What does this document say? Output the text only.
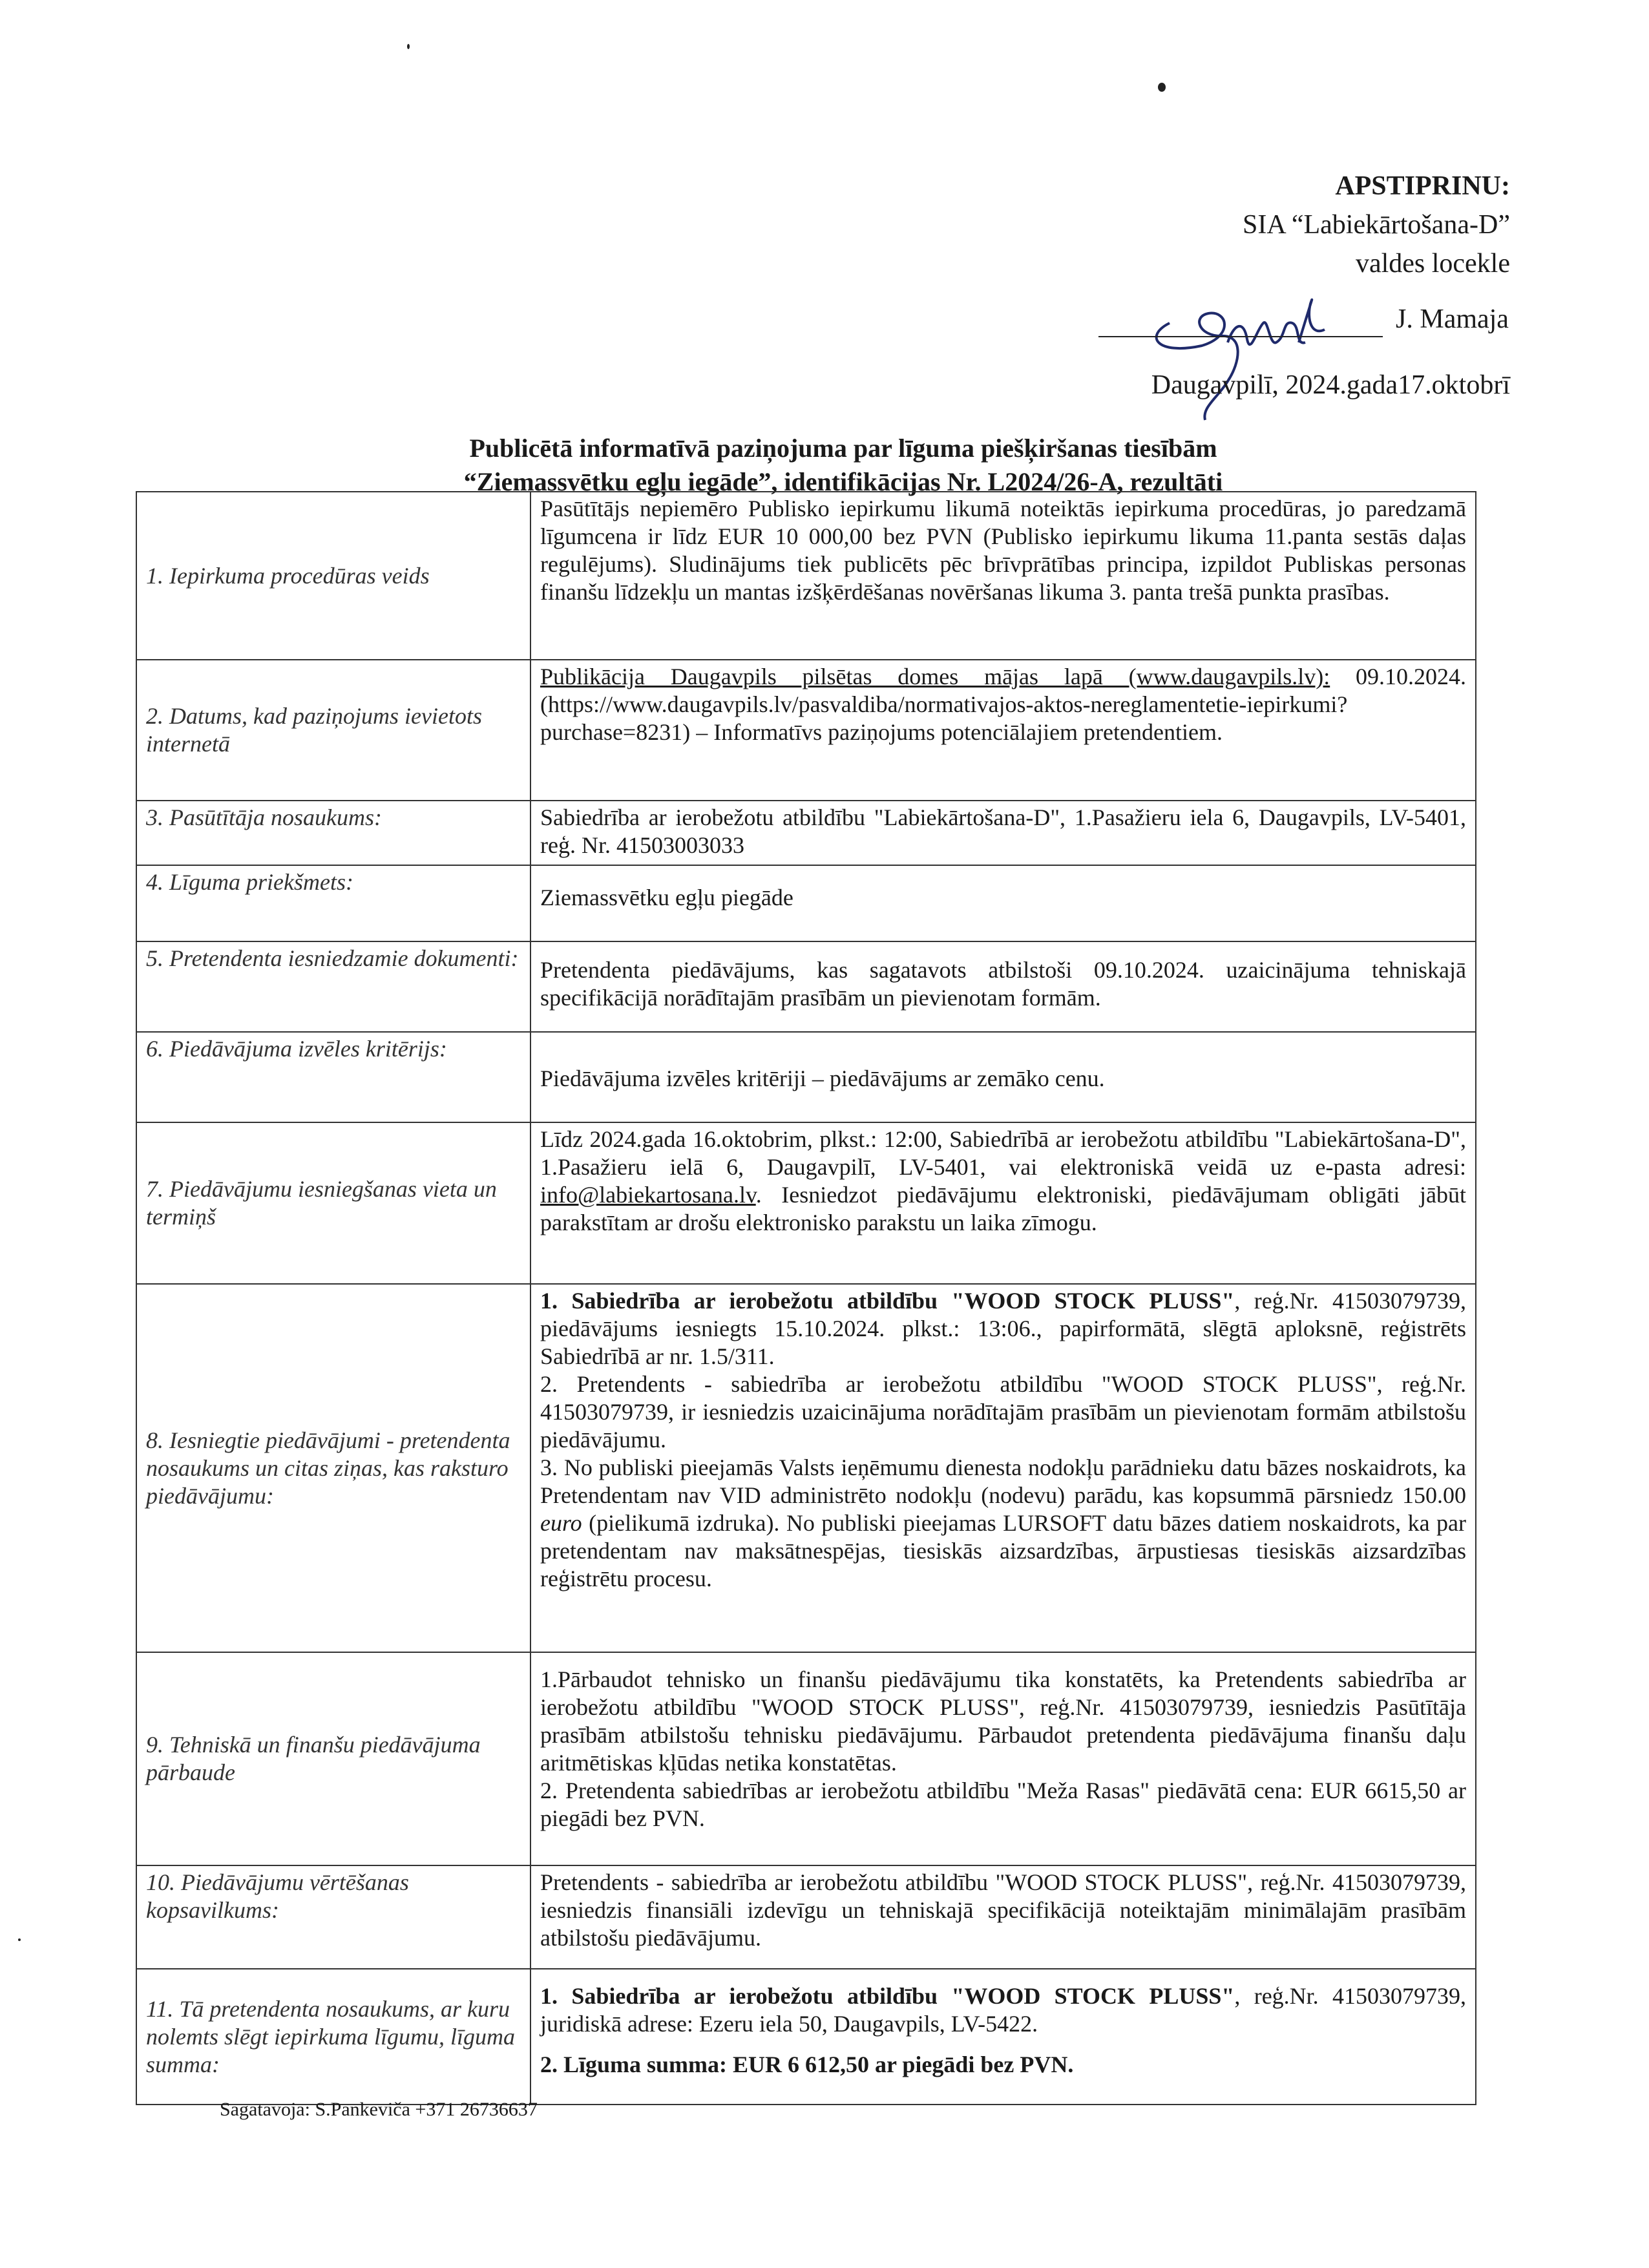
APSTIPRINU:
SIA “Labiekārtošana-D”
valdes locekle
J. Mamaja
Daugavpilī, 2024.gada17.oktobrī
Publicētā informatīvā paziņojuma par līguma piešķiršanas tiesībām
“Ziemassvētku egļu iegāde”, identifikācijas Nr. L2024/26-A, rezultāti
1. Iepirkuma procedūras veids	Pasūtītājs nepiemēro Publisko iepirkumu likumā noteiktās iepirkuma procedūras, jo paredzamā līgumcena ir līdz EUR 10 000,00 bez PVN (Publisko iepirkumu likuma 11.panta sestās daļas regulējums). Sludinājums tiek publicēts pēc brīvprātības principa, izpildot Publiskas personas finanšu līdzekļu un mantas izšķērdēšanas novēršanas likuma 3. panta trešā punkta prasības.
2. Datums, kad paziņojums ievietots internetā	Publikācija Daugavpils pilsētas domes mājas lapā (www.daugavpils.lv): 09.10.2024. (https://www.daugavpils.lv/pasvaldiba/normativajos-aktos-nereglamentetie-iepirkumi?purchase=8231) – Informatīvs paziņojums potenciālajiem pretendentiem.
3. Pasūtītāja nosaukums:	Sabiedrība ar ierobežotu atbildību "Labiekārtošana-D", 1.Pasažieru iela 6, Daugavpils, LV-5401, reģ. Nr. 41503003033
4. Līguma priekšmets:	Ziemassvētku egļu piegāde
5. Pretendenta iesniedzamie dokumenti:	Pretendenta piedāvājums, kas sagatavots atbilstoši 09.10.2024. uzaicinājuma tehniskajā specifikācijā norādītajām prasībām un pievienotam formām.
6. Piedāvājuma izvēles kritērijs:	Piedāvājuma izvēles kritēriji – piedāvājums ar zemāko cenu.
7. Piedāvājumu iesniegšanas vieta un termiņš	Līdz 2024.gada 16.oktobrim, plkst.: 12:00, Sabiedrībā ar ierobežotu atbildību "Labiekārtošana-D", 1.Pasažieru ielā 6, Daugavpilī, LV-5401, vai elektroniskā veidā uz e-pasta adresi: info@labiekartosana.lv. Iesniedzot piedāvājumu elektroniski, piedāvājumam obligāti jābūt parakstītam ar drošu elektronisko parakstu un laika zīmogu.
8. Iesniegtie piedāvājumi - pretendenta nosaukums un citas ziņas, kas raksturo piedāvājumu:	1. Sabiedrība ar ierobežotu atbildību "WOOD STOCK PLUSS", reģ.Nr. 41503079739, piedāvājums iesniegts 15.10.2024. plkst.: 13:06., papirformātā, slēgtā aploksnē, reģistrēts Sabiedrībā ar nr. 1.5/311.

2. Pretendents - sabiedrība ar ierobežotu atbildību "WOOD STOCK PLUSS", reģ.Nr. 41503079739, ir iesniedzis uzaicinājuma norādītajām prasībām un pievienotam formām atbilstošu piedāvājumu.

3. No publiski pieejamās Valsts ieņēmumu dienesta nodokļu parādnieku datu bāzes noskaidrots, ka Pretendentam nav VID administrēto nodokļu (nodevu) parādu, kas kopsummā pārsniedz 150.00 euro (pielikumā izdruka). No publiski pieejamas LURSOFT datu bāzes datiem noskaidrots, ka par pretendentam nav maksātnespējas, tiesiskās aizsardzības, ārpustiesas tiesiskās aizsardzības reģistrētu procesu.

9. Tehniskā un finanšu piedāvājuma pārbaude	1.Pārbaudot tehnisko un finanšu piedāvājumu tika konstatēts, ka Pretendents sabiedrība ar ierobežotu atbildību "WOOD STOCK PLUSS", reģ.Nr. 41503079739, iesniedzis Pasūtītāja prasībām atbilstošu tehnisku piedāvājumu. Pārbaudot pretendenta piedāvājuma finanšu daļu aritmētiskas kļūdas netika konstatētas.

2. Pretendenta sabiedrības ar ierobežotu atbildību "Meža Rasas" piedāvātā cena: EUR 6615,50 ar piegādi bez PVN.

10. Piedāvājumu vērtēšanas kopsavilkums:	Pretendents - sabiedrība ar ierobežotu atbildību "WOOD STOCK PLUSS", reģ.Nr. 41503079739, iesniedzis finansiāli izdevīgu un tehniskajā specifikācijā noteiktajām minimālajām prasībām atbilstošu piedāvājumu.
11. Tā pretendenta nosaukums, ar kuru nolemts slēgt iepirkuma līgumu, līguma summa:	1. Sabiedrība ar ierobežotu atbildību "WOOD STOCK PLUSS", reģ.Nr. 41503079739, juridiskā adrese: Ezeru iela 50, Daugavpils, LV-5422.

2. Līguma summa: EUR 6 612,50 ar piegādi bez PVN.

Sagatavoja: S.Pankeviča +371 26736637
